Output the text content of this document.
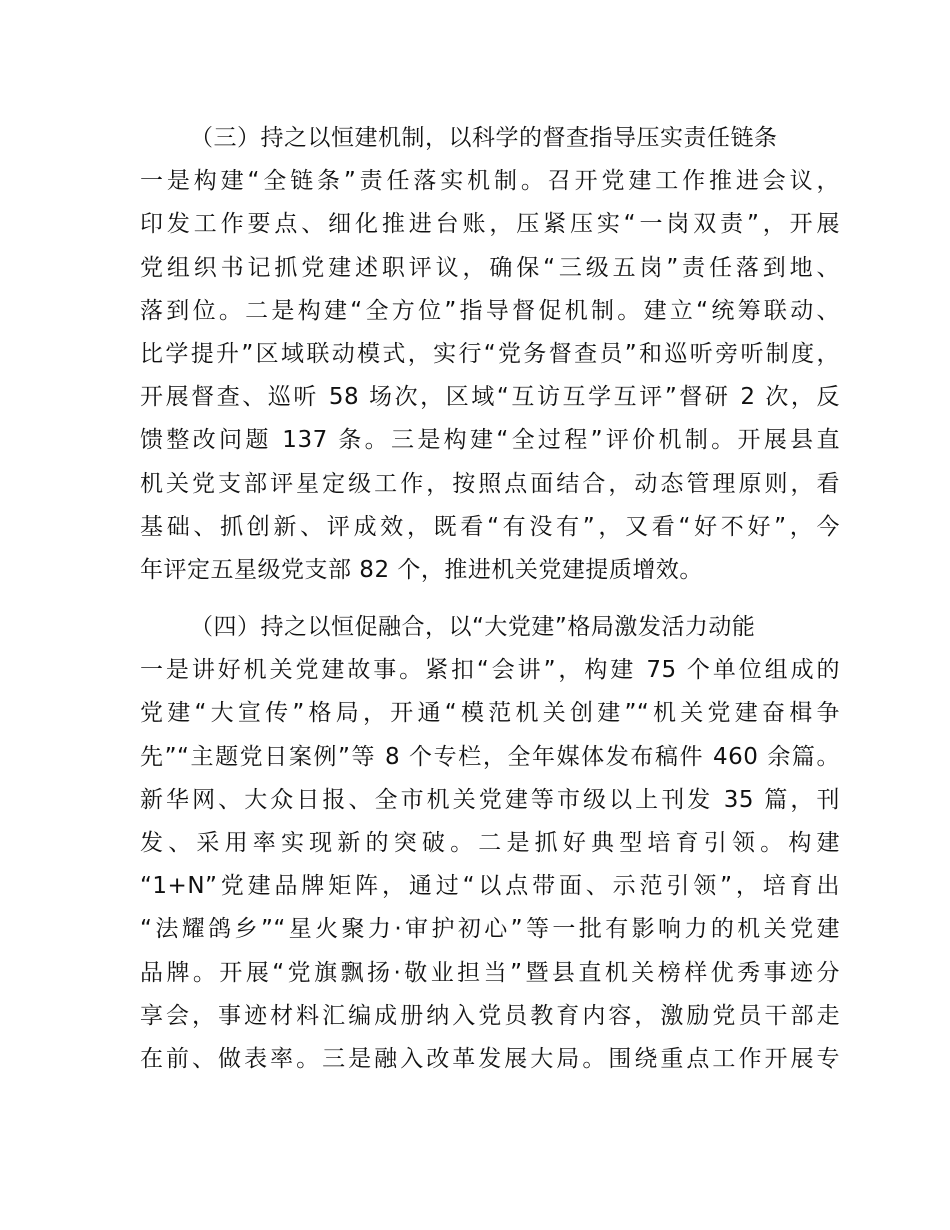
（三）持之以恒建机制，以科学的督查指导压实责任链条
一是构建“全链条”责任落实机制。召开党建工作推进会议，
印发工作要点、细化推进台账，压紧压实“一岗双责”，开展
党组织书记抓党建述职评议，确保“三级五岗”责任落到地、
落到位。二是构建“全方位”指导督促机制。建立“统筹联动、
比学提升”区域联动模式，实行“党务督查员”和巡听旁听制度，
开展督查、巡听 58 场次，区域“互访互学互评”督研 2 次，反
馈整改问题 137 条。三是构建“全过程”评价机制。开展县直
机关党支部评星定级工作，按照点面结合，动态管理原则，看
基础、抓创新、评成效，既看“有没有”，又看“好不好”，今
年评定五星级党支部 82 个，推进机关党建提质增效。
（四）持之以恒促融合，以“大党建”格局激发活力动能
一是讲好机关党建故事。紧扣“会讲”，构建 75 个单位组成的
党建“大宣传”格局，开通“模范机关创建”“机关党建奋楫争
先”“主题党日案例”等 8 个专栏，全年媒体发布稿件 460 余篇。
新华网、大众日报、全市机关党建等市级以上刊发 35 篇，刊
发、采用率实现新的突破。二是抓好典型培育引领。构建
“1+N”党建品牌矩阵，通过“以点带面、示范引领”，培育出
“法耀鸽乡”“星火聚力·审护初心”等一批有影响力的机关党建
品牌。开展“党旗飘扬·敬业担当”暨县直机关榜样优秀事迹分
享会，事迹材料汇编成册纳入党员教育内容，激励党员干部走
在前、做表率。三是融入改革发展大局。围绕重点工作开展专
